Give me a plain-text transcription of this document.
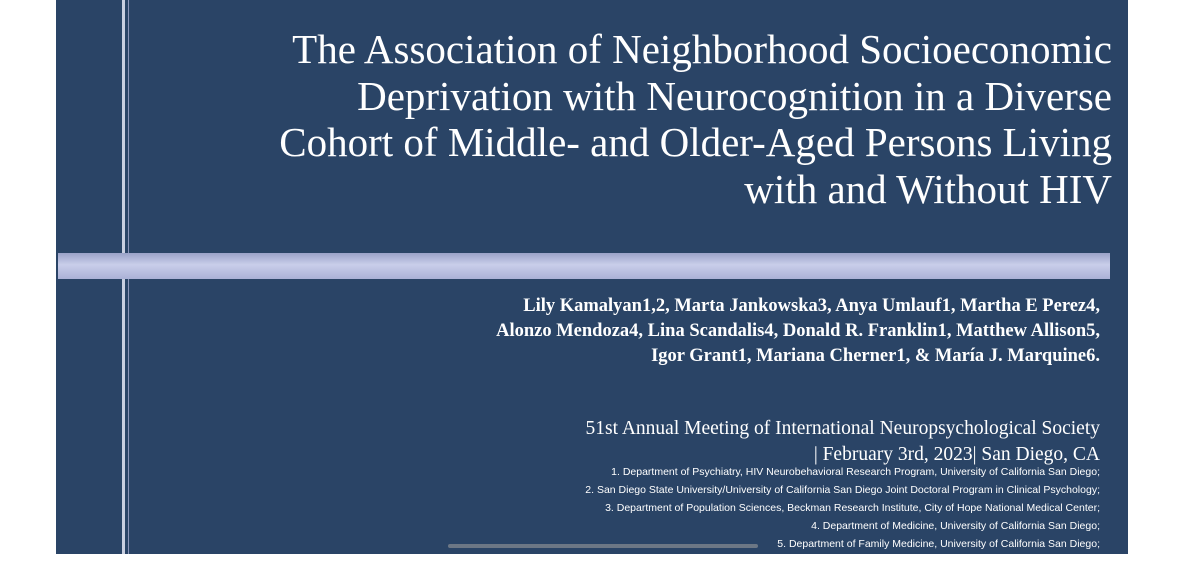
The Association of Neighborhood Socioeconomic
Deprivation with Neurocognition in a Diverse
Cohort of Middle- and Older-Aged Persons Living
with and Without HIV
Lily Kamalyan1,2, Marta Jankowska3, Anya Umlauf1, Martha E Perez4,
Alonzo Mendoza4, Lina Scandalis4, Donald R. Franklin1, Matthew Allison5,
Igor Grant1, Mariana Cherner1, & María J. Marquine6.
51st Annual Meeting of International Neuropsychological Society
| February 3rd, 2023| San Diego, CA
1. Department of Psychiatry, HIV Neurobehavioral Research Program, University of California San Diego;
2. San Diego State University/University of California San Diego Joint Doctoral Program in Clinical Psychology;
3. Department of Population Sciences, Beckman Research Institute, City of Hope National Medical Center;
4. Department of Medicine, University of California San Diego;
5. Department of Family Medicine, University of California San Diego;
6. Departments of Medicine (Geriatrics Division) and Psychiatry, Duke University School of Medicine
